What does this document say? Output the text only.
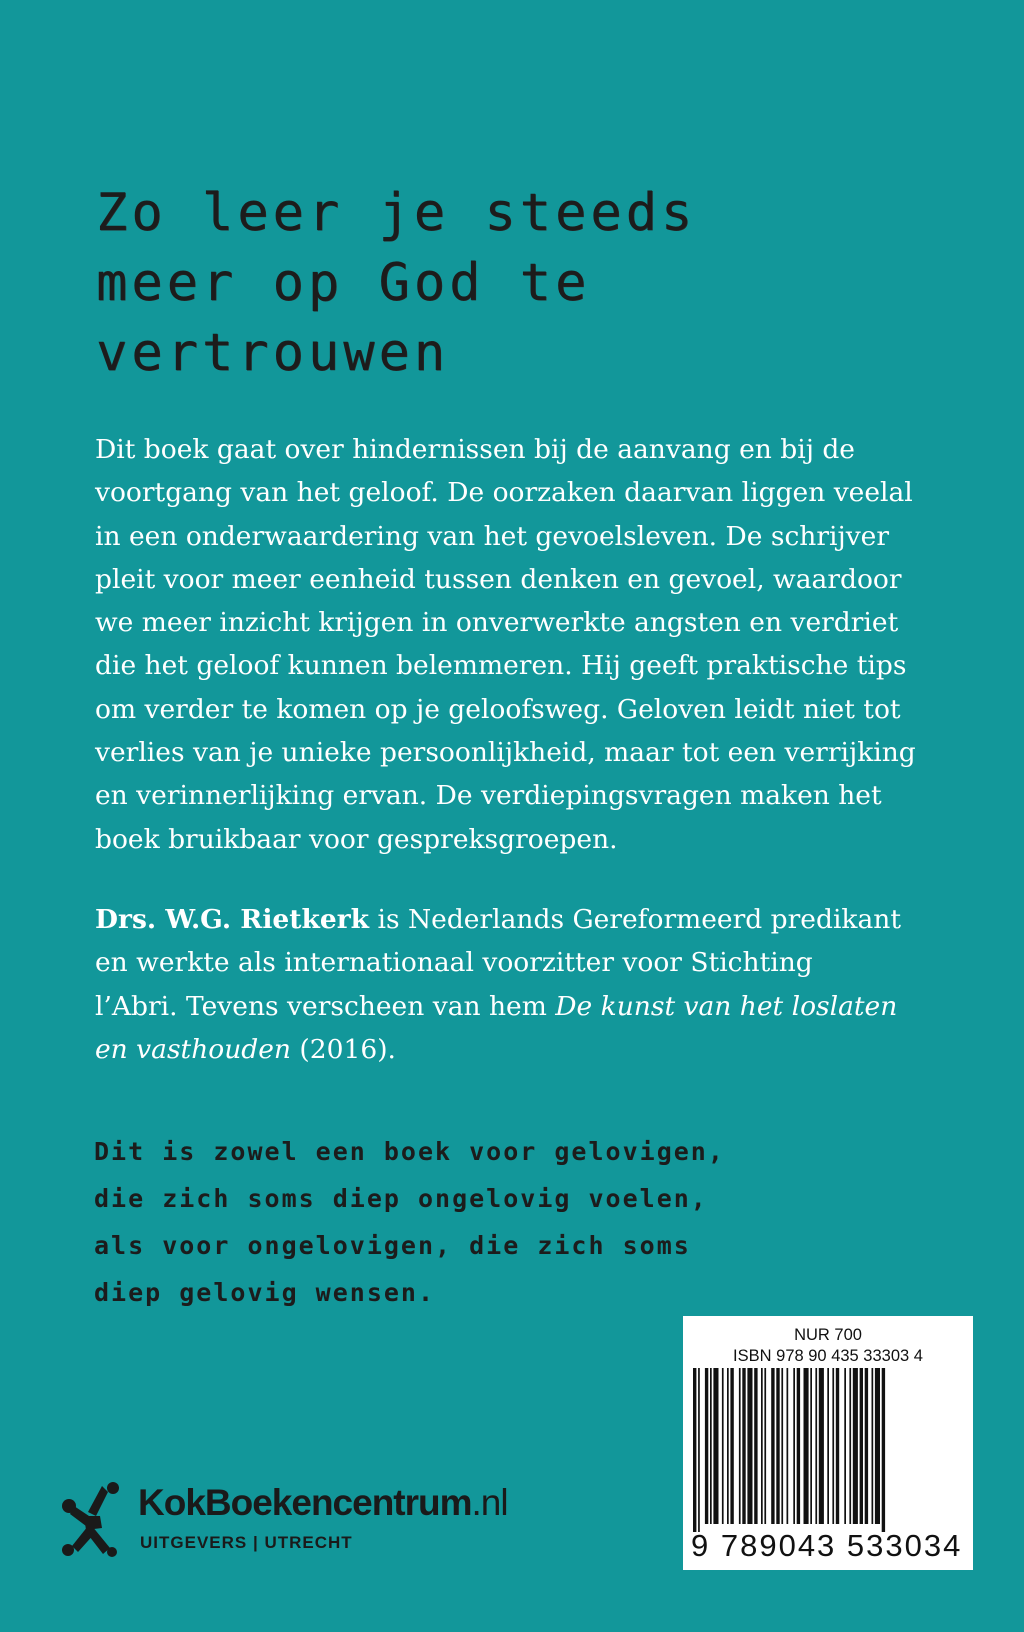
Zo leer je steeds
meer op God te
vertrouwen

Dit boek gaat over hindernissen bij de aanvang en bij de
voortgang van het geloof. De oorzaken daarvan liggen veelal
in een onderwaardering van het gevoelsleven. De schrijver
pleit voor meer eenheid tussen denken en gevoel, waardoor
we meer inzicht krijgen in onverwerkte angsten en verdriet
die het geloof kunnen belemmeren. Hij geeft praktische tips
om verder te komen op je geloofsweg. Geloven leidt niet tot
verlies van je unieke persoonlijkheid, maar tot een verrijking
en verinnerlijking ervan. De verdiepingsvragen maken het
boek bruikbaar voor gespreksgroepen.

Drs. W.G. Rietkerk is Nederlands Gereformeerd predikant
en werkte als internationaal voorzitter voor Stichting
l’Abri. Tevens verscheen van hem De kunst van het loslaten
en vasthouden (2016).

Dit is zowel een boek voor gelovigen,
die zich soms diep ongelovig voelen,
als voor ongelovigen, die zich soms
diep gelovig wensen.
KokBoekencentrum.nl
UITGEVERS | UTRECHT
NUR 700
ISBN 978 90 435 33303 4
9 789043 533034
